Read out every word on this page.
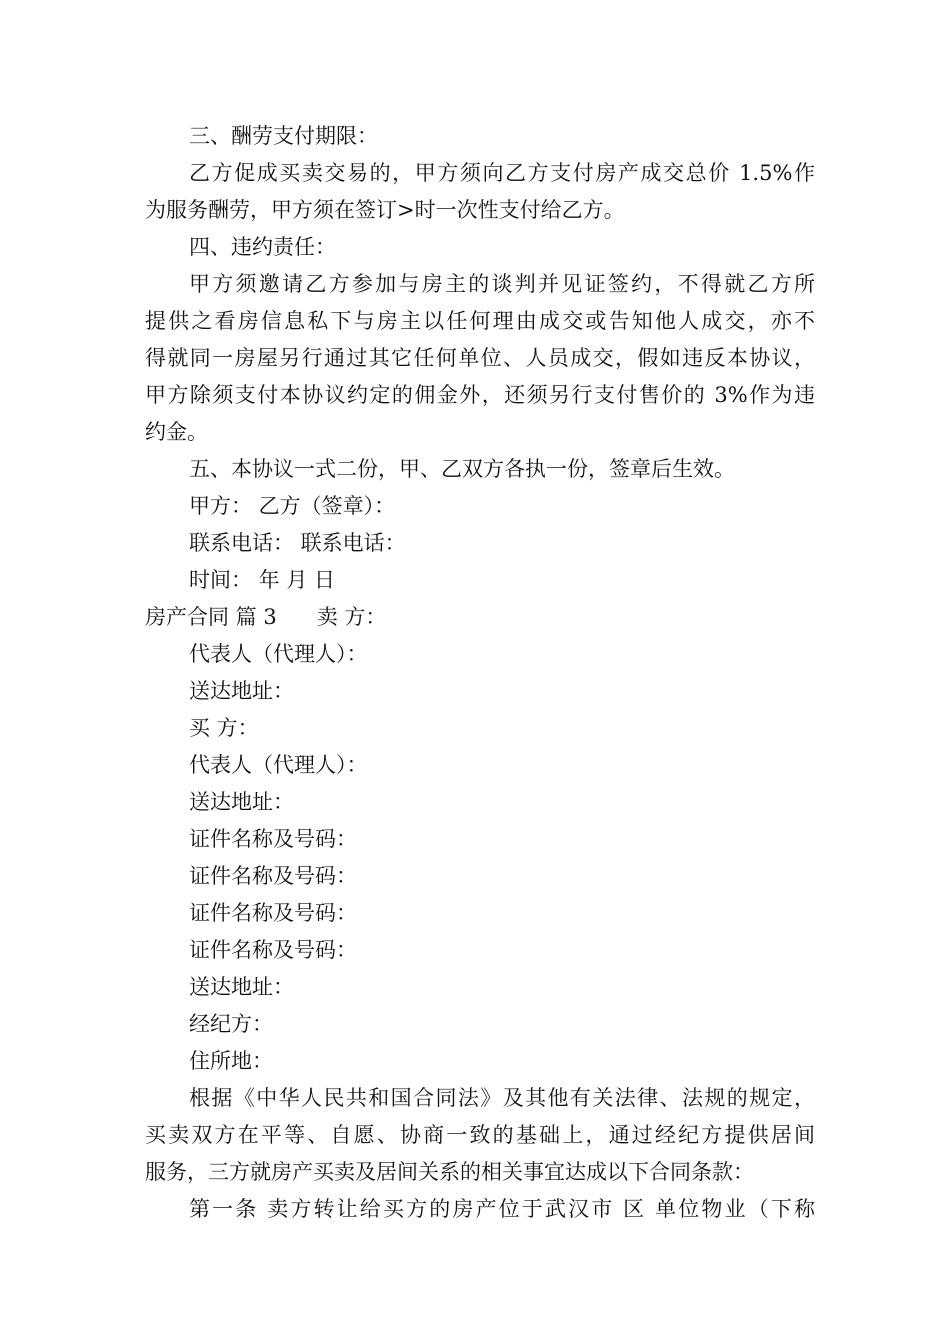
三、酬劳支付期限：
乙方促成买卖交易的，甲方须向乙方支付房产成交总价 1.5%作
为服务酬劳，甲方须在签订>时一次性支付给乙方。
四、违约责任：
甲方须邀请乙方参加与房主的谈判并见证签约，不得就乙方所
提供之看房信息私下与房主以任何理由成交或告知他人成交，亦不
得就同一房屋另行通过其它任何单位、人员成交，假如违反本协议，
甲方除须支付本协议约定的佣金外，还须另行支付售价的 3%作为违
约金。
五、本协议一式二份，甲、乙双方各执一份，签章后生效。
甲方： 乙方（签章）：
联系电话： 联系电话：
时间： 年 月 日
房产合同 篇 3 卖 方：
代表人（代理人）：
送达地址：
买 方：
代表人（代理人）：
送达地址：
证件名称及号码：
证件名称及号码：
证件名称及号码：
证件名称及号码：
送达地址：
经纪方：
住所地：
根据《中华人民共和国合同法》及其他有关法律、法规的规定，
买卖双方在平等、自愿、协商一致的基础上，通过经纪方提供居间
服务，三方就房产买卖及居间关系的相关事宜达成以下合同条款：
第一条 卖方转让给买方的房产位于武汉市 区 单位物业（下称
